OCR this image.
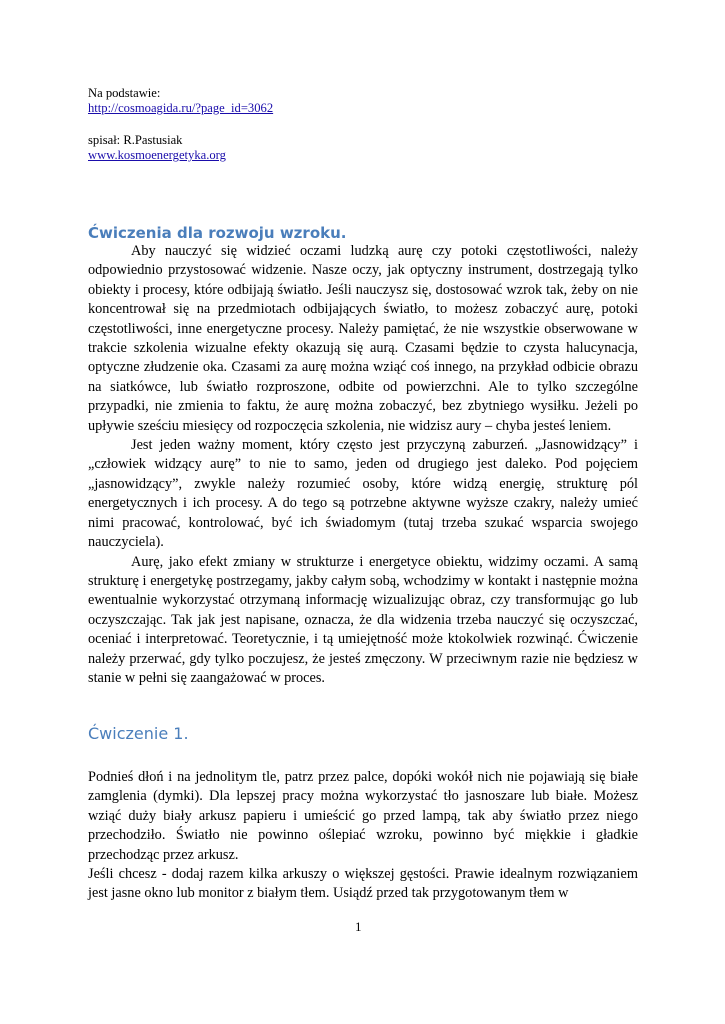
Na podstawie:
http://cosmoagida.ru/?page_id=3062
spisał: R.Pastusiak
www.kosmoenergetyka.org
Ćwiczenia dla rozwoju wzroku.

Aby nauczyć się widzieć oczami ludzką aurę czy potoki częstotliwości, należy odpowiednio przystosować widzenie. Nasze oczy, jak optyczny instrument, dostrzegają tylko obiekty i procesy, które odbijają światło. Jeśli nauczysz się, dostosować wzrok tak, żeby on nie koncentrował się na przedmiotach odbijających światło, to możesz zobaczyć aurę, potoki częstotliwości, inne energetyczne procesy. Należy pamiętać, że nie wszystkie obserwowane w trakcie szkolenia wizualne efekty okazują się aurą. Czasami będzie to czysta halucynacja, optyczne złudzenie oka. Czasami za aurę można wziąć coś innego, na przykład odbicie obrazu na siatkówce, lub światło rozproszone, odbite od powierzchni. Ale to tylko szczególne przypadki, nie zmienia to faktu, że aurę można zobaczyć, bez zbytniego wysiłku. Jeżeli po upływie sześciu miesięcy od rozpoczęcia szkolenia, nie widzisz aury – chyba jesteś leniem.

Jest jeden ważny moment, który często jest przyczyną zaburzeń. „Jasnowidzący” i „człowiek widzący aurę” to nie to samo, jeden od drugiego jest daleko. Pod pojęciem „jasnowidzący”, zwykle należy rozumieć osoby, które widzą energię, strukturę pól energetycznych i ich procesy. A do tego są potrzebne aktywne wyższe czakry, należy umieć nimi pracować, kontrolować, być ich świadomym (tutaj trzeba szukać wsparcia swojego nauczyciela).

Aurę, jako efekt zmiany w strukturze i energetyce obiektu, widzimy oczami. A samą strukturę i energetykę postrzegamy, jakby całym sobą, wchodzimy w kontakt i następnie można ewentualnie wykorzystać otrzymaną informację wizualizując obraz, czy transformując go lub oczyszczając. Tak jak jest napisane, oznacza, że dla widzenia trzeba nauczyć się oczyszczać, oceniać i interpretować. Teoretycznie, i tą umiejętność może ktokolwiek rozwinąć. Ćwiczenie należy przerwać, gdy tylko poczujesz, że jesteś zmęczony. W przeciwnym razie nie będziesz w stanie w pełni się zaangażować w proces.

Ćwiczenie 1.

Podnieś dłoń i na jednolitym tle, patrz przez palce, dopóki wokół nich nie pojawiają się białe zamglenia (dymki). Dla lepszej pracy można wykorzystać tło jasnoszare lub białe. Możesz wziąć duży biały arkusz papieru i umieścić go przed lampą, tak aby światło przez niego przechodziło. Światło nie powinno oślepiać wzroku, powinno być miękkie i gładkie przechodząc przez arkusz.

Jeśli chcesz - dodaj razem kilka arkuszy o większej gęstości. Prawie idealnym rozwiązaniem jest jasne okno lub monitor z białym tłem. Usiądź przed tak przygotowanym tłem w

1
